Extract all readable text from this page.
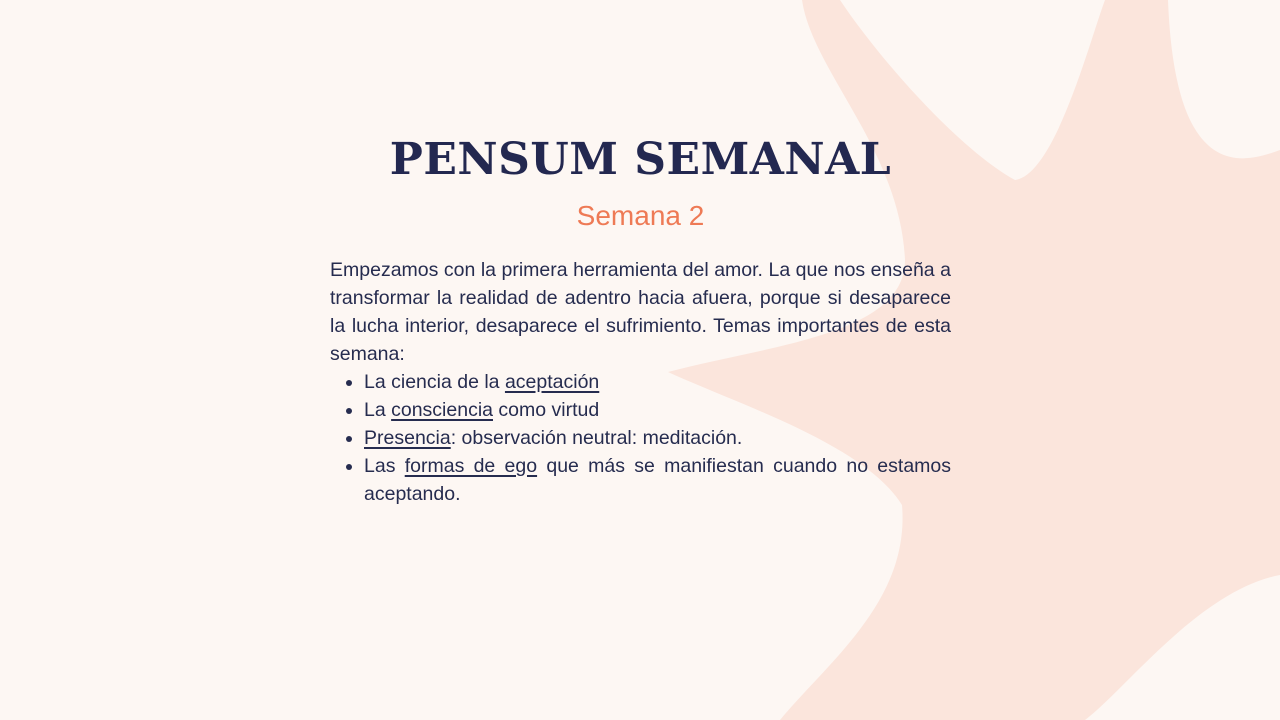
PENSUM SEMANAL
Semana 2

Empezamos con la primera herramienta del amor. La que nos enseña a transformar la realidad de adentro hacia afuera, porque si desaparece la lucha interior, desaparece el sufrimiento. Temas importantes de esta semana:

• La ciencia de la aceptación
• La consciencia como virtud
• Presencia: observación neutral: meditación.
• Las formas de ego que más se manifiestan cuando no estamos aceptando.
